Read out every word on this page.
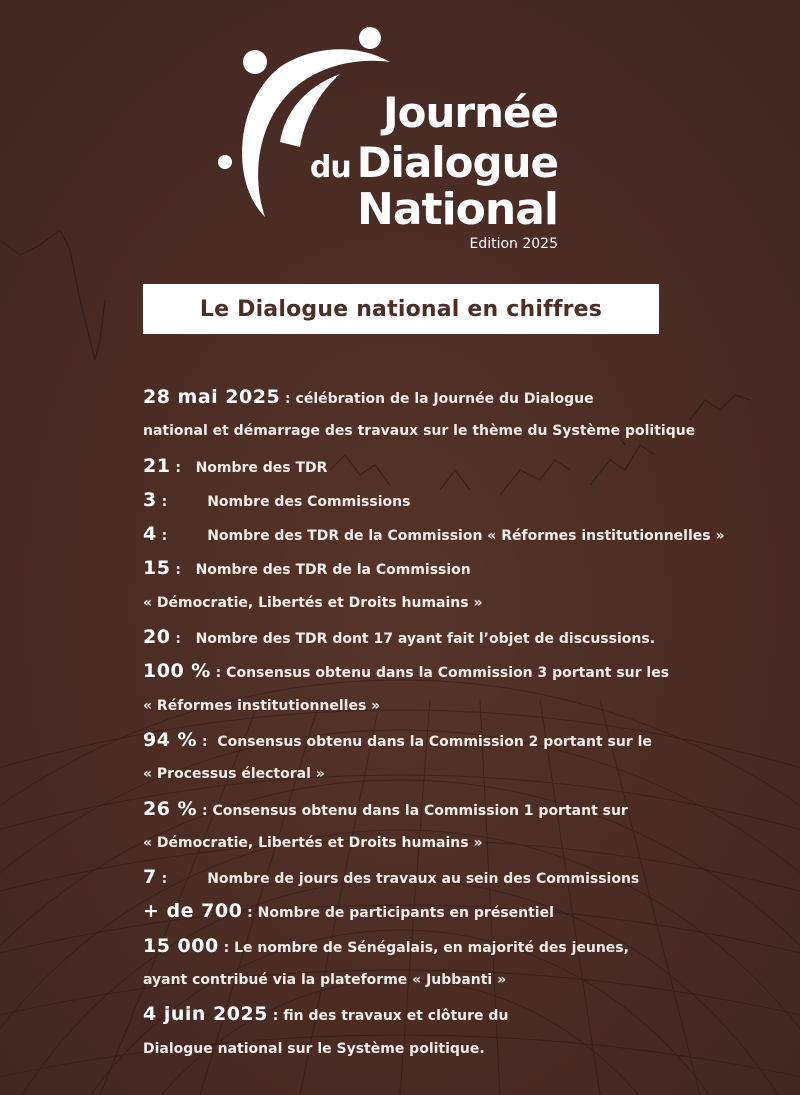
Journée
du Dialogue
National
Edition 2025
Le Dialogue national en chiffres
28 mai 2025 : célébration de la Journée du Dialogue
national et démarrage des travaux sur le thème du Système politique
21 :   Nombre des TDR
3 :	Nombre des Commissions
4 :	Nombre des TDR de la Commission « Réformes institutionnelles »
15 :   Nombre des TDR de la Commission
« Démocratie, Libertés et Droits humains »
20 :   Nombre des TDR dont 17 ayant fait l’objet de discussions.
100 % : Consensus obtenu dans la Commission 3 portant sur les
« Réformes institutionnelles »
94 % :  Consensus obtenu dans la Commission 2 portant sur le
« Processus électoral »
26 % : Consensus obtenu dans la Commission 1 portant sur
« Démocratie, Libertés et Droits humains »
7 :	Nombre de jours des travaux au sein des Commissions
+ de 700 : Nombre de participants en présentiel
15 000 : Le nombre de Sénégalais, en majorité des jeunes,
ayant contribué via la plateforme « Jubbanti »
4 juin 2025 : fin des travaux et clôture du
Dialogue national sur le Système politique.
